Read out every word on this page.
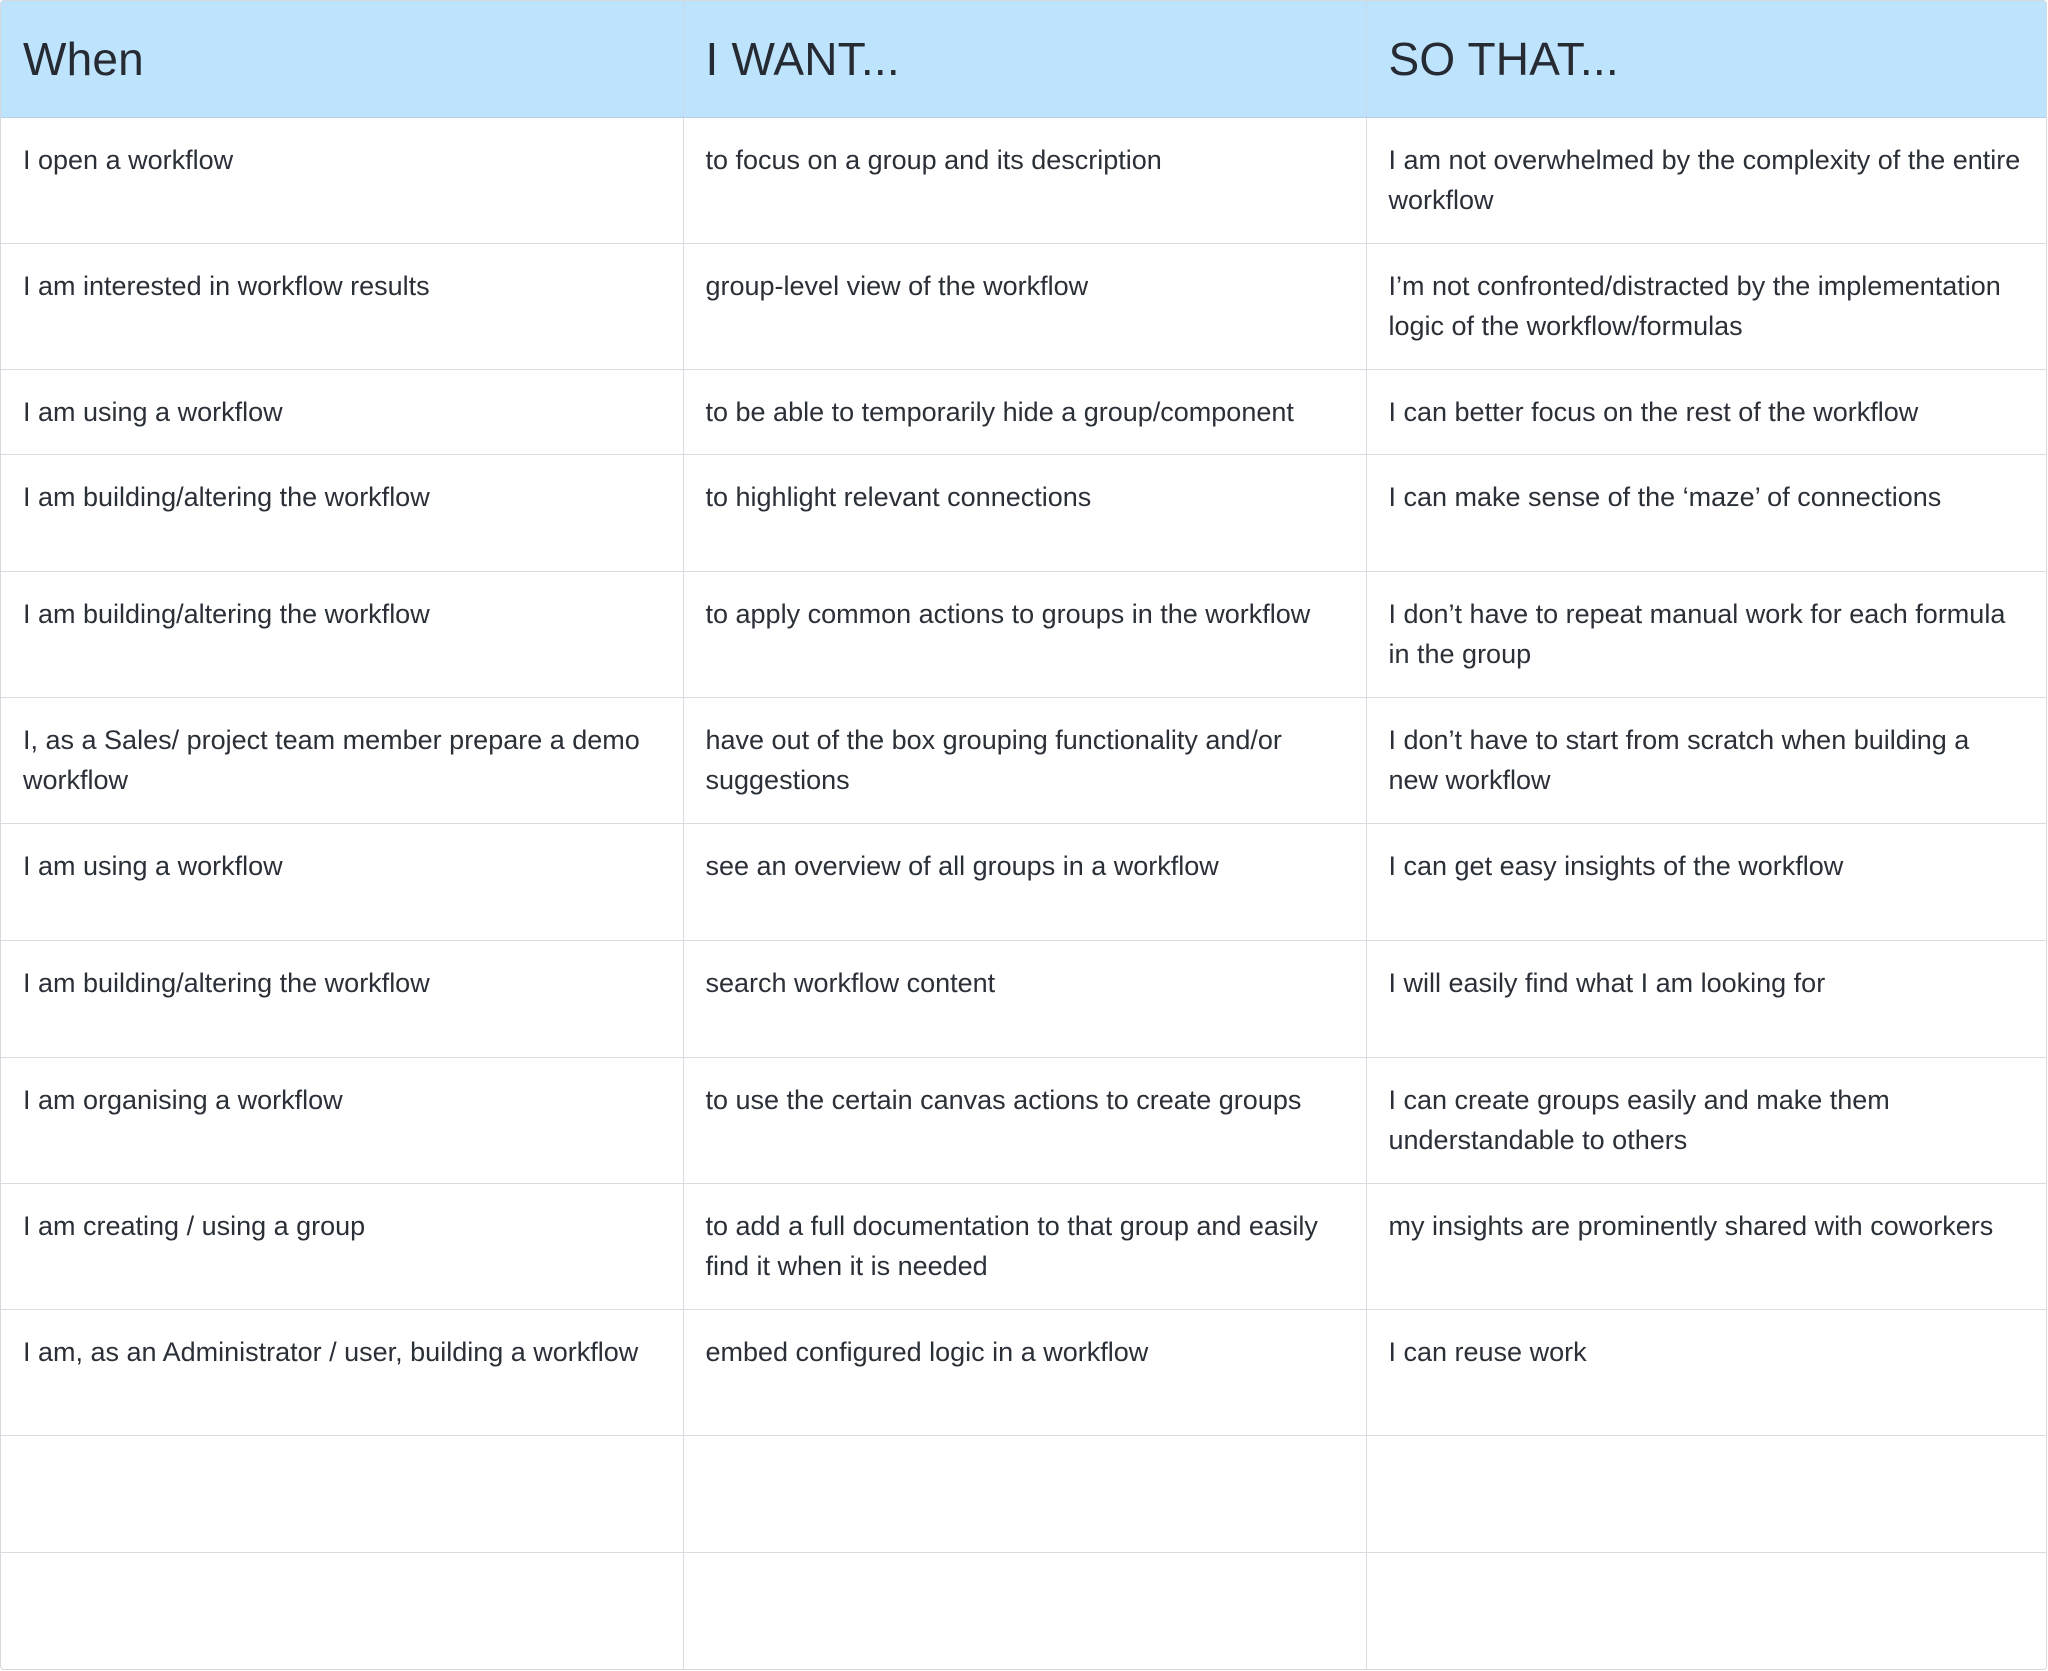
When	I WANT...	SO THAT...
I open a workflow	to focus on a group and its description	I am not overwhelmed by the complexity of the entire workflow
I am interested in workflow results	group-level view of the workflow	I’m not confronted/distracted by the implementation logic of the workflow/formulas
I am using a workflow	to be able to temporarily hide a group/component	I can better focus on the rest of the workflow
I am building/altering the workflow	to highlight relevant connections	I can make sense of the ‘maze’ of connections
I am building/altering the workflow	to apply common actions to groups in the workflow	I don’t have to repeat manual work for each formula in the group
I, as a Sales/ project team member prepare a demo workflow	have out of the box grouping functionality and/or suggestions	I don’t have to start from scratch when building a new workflow
I am using a workflow	see an overview of all groups in a workflow	I can get easy insights of the workflow
I am building/altering the workflow	search workflow content	I will easily find what I am looking for
I am organising a workflow	to use the certain canvas actions to create groups	I can create groups easily and make them understandable to others
I am creating / using a group	to add a full documentation to that group and easily find it when it is needed	my insights are prominently shared with coworkers
I am, as an Administrator / user, building a workflow	embed configured logic in a workflow	I can reuse work
